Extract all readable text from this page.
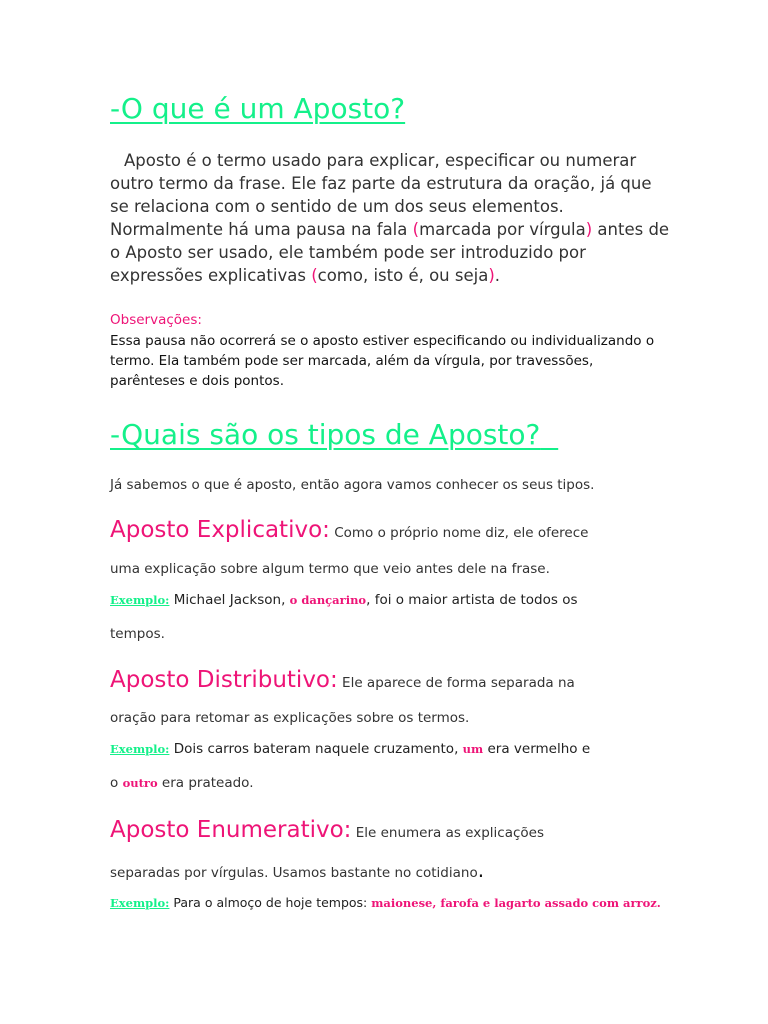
-O que é um Aposto?
Aposto é o termo usado para explicar, especificar ou numerar outro termo da frase. Ele faz parte da estrutura da oração, já que se relaciona com o sentido de um dos seus elementos. Normalmente há uma pausa na fala (marcada por vírgula) antes de o Aposto ser usado, ele também pode ser introduzido por expressões explicativas (como, isto é, ou seja).
Observações:
Essa pausa não ocorrerá se o aposto estiver especificando ou individualizando o termo. Ela também pode ser marcada, além da vírgula, por travessões, parênteses e dois pontos.
-Quais são os tipos de Aposto?
Já sabemos o que é aposto, então agora vamos conhecer os seus tipos.
Aposto Explicativo: Como o próprio nome diz, ele oferece
uma explicação sobre algum termo que veio antes dele na frase.
Exemplo: Michael Jackson, o dançarino, foi o maior artista de todos os
tempos.
Aposto Distributivo: Ele aparece de forma separada na
oração para retomar as explicações sobre os termos.
Exemplo: Dois carros bateram naquele cruzamento, um era vermelho e
o outro era prateado.
Aposto Enumerativo: Ele enumera as explicações
separadas por vírgulas. Usamos bastante no cotidiano.
Exemplo: Para o almoço de hoje tempos: maionese, farofa e lagarto assado com arroz.
